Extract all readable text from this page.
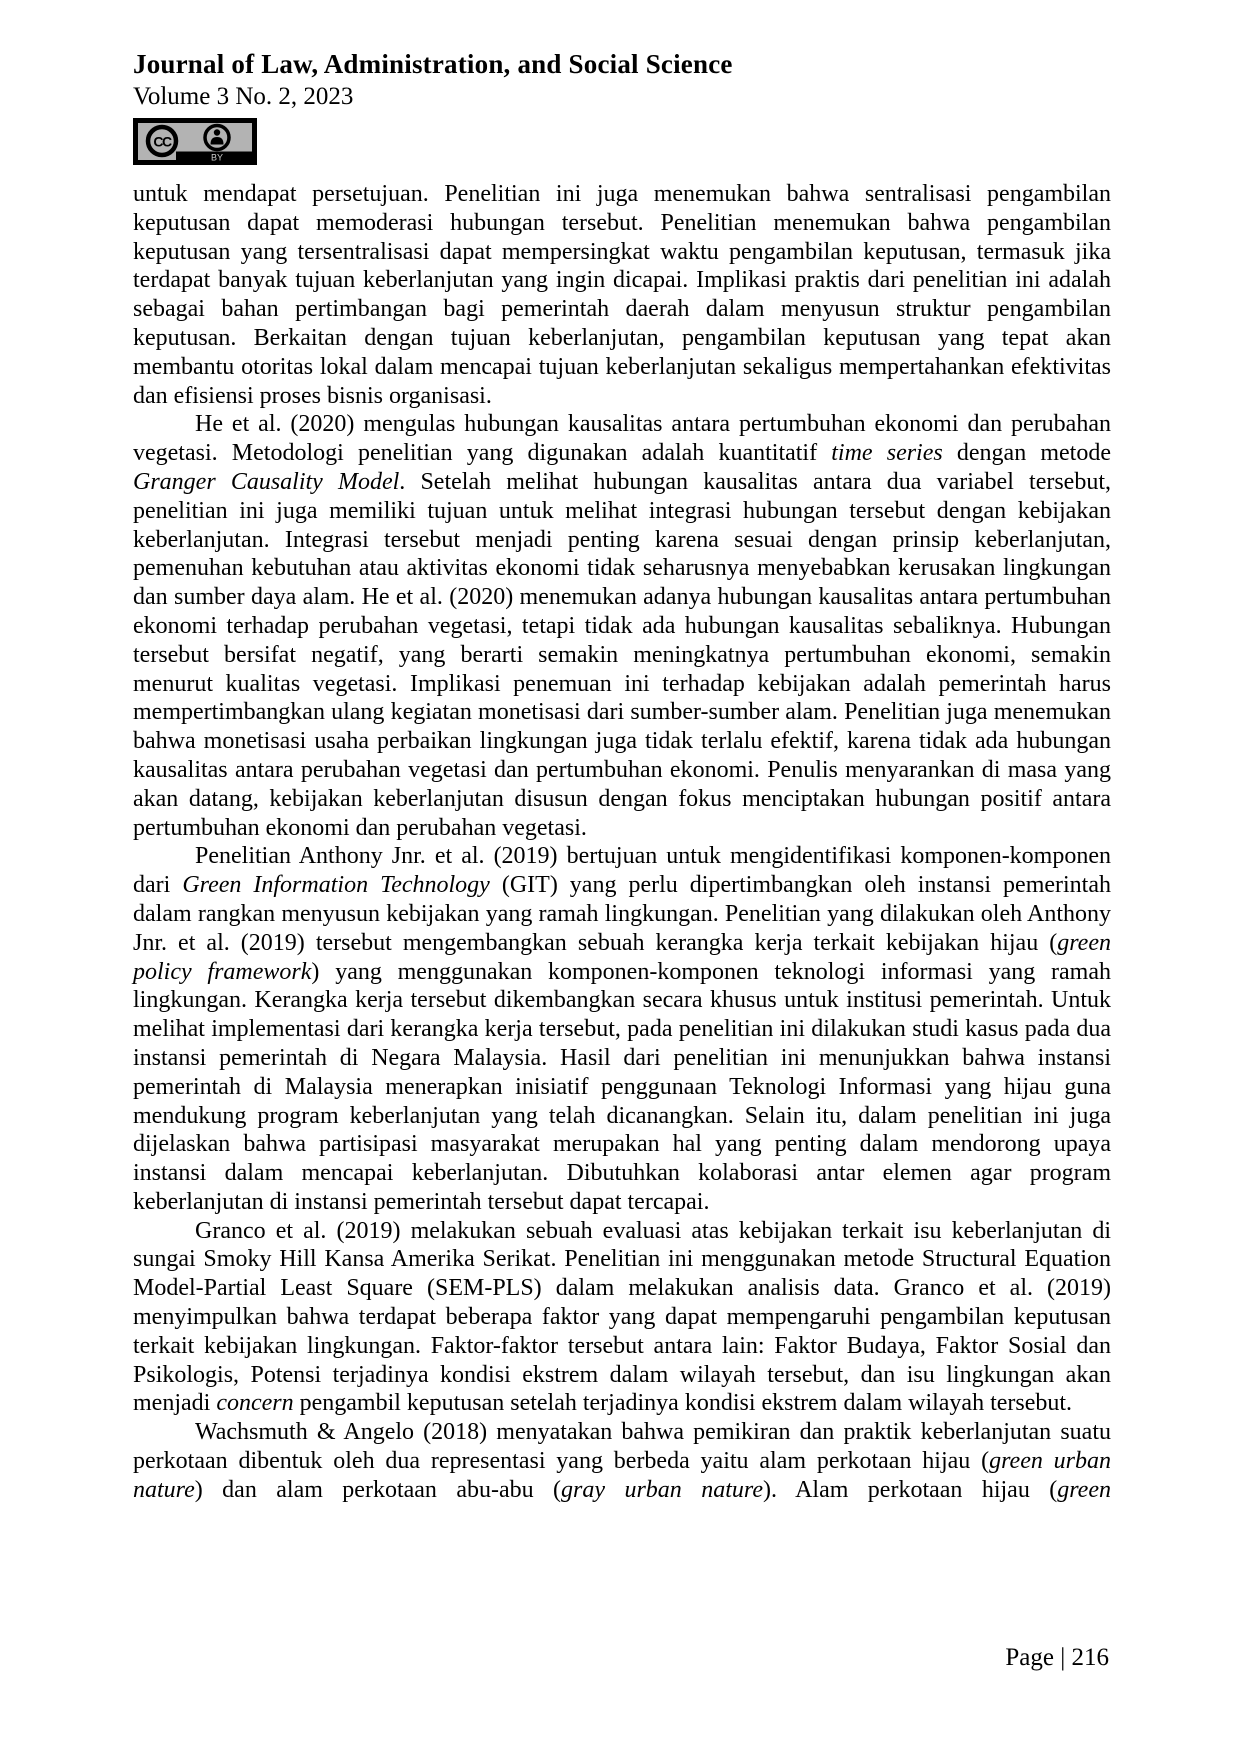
Journal of Law, Administration, and Social Science
Volume 3 No. 2, 2023
CC
BY

untuk mendapat persetujuan. Penelitian ini juga menemukan bahwa sentralisasi pengambilan keputusan dapat memoderasi hubungan tersebut. Penelitian menemukan bahwa pengambilan keputusan yang tersentralisasi dapat mempersingkat waktu pengambilan keputusan, termasuk jika terdapat banyak tujuan keberlanjutan yang ingin dicapai. Implikasi praktis dari penelitian ini adalah sebagai bahan pertimbangan bagi pemerintah daerah dalam menyusun struktur pengambilan keputusan. Berkaitan dengan tujuan keberlanjutan, pengambilan keputusan yang tepat akan membantu otoritas lokal dalam mencapai tujuan keberlanjutan sekaligus mempertahankan efektivitas dan efisiensi proses bisnis organisasi.

He et al. (2020) mengulas hubungan kausalitas antara pertumbuhan ekonomi dan perubahan vegetasi. Metodologi penelitian yang digunakan adalah kuantitatif time series dengan metode Granger Causality Model. Setelah melihat hubungan kausalitas antara dua variabel tersebut, penelitian ini juga memiliki tujuan untuk melihat integrasi hubungan tersebut dengan kebijakan keberlanjutan. Integrasi tersebut menjadi penting karena sesuai dengan prinsip keberlanjutan, pemenuhan kebutuhan atau aktivitas ekonomi tidak seharusnya menyebabkan kerusakan lingkungan dan sumber daya alam. He et al. (2020) menemukan adanya hubungan kausalitas antara pertumbuhan ekonomi terhadap perubahan vegetasi, tetapi tidak ada hubungan kausalitas sebaliknya. Hubungan tersebut bersifat negatif, yang berarti semakin meningkatnya pertumbuhan ekonomi, semakin menurut kualitas vegetasi. Implikasi penemuan ini terhadap kebijakan adalah pemerintah harus mempertimbangkan ulang kegiatan monetisasi dari sumber-sumber alam. Penelitian juga menemukan bahwa monetisasi usaha perbaikan lingkungan juga tidak terlalu efektif, karena tidak ada hubungan kausalitas antara perubahan vegetasi dan pertumbuhan ekonomi. Penulis menyarankan di masa yang akan datang, kebijakan keberlanjutan disusun dengan fokus menciptakan hubungan positif antara pertumbuhan ekonomi dan perubahan vegetasi.

Penelitian Anthony Jnr. et al. (2019) bertujuan untuk mengidentifikasi komponen-komponen dari Green Information Technology (GIT) yang perlu dipertimbangkan oleh instansi pemerintah dalam rangkan menyusun kebijakan yang ramah lingkungan. Penelitian yang dilakukan oleh Anthony Jnr. et al. (2019) tersebut mengembangkan sebuah kerangka kerja terkait kebijakan hijau (green policy framework) yang menggunakan komponen-komponen teknologi informasi yang ramah lingkungan. Kerangka kerja tersebut dikembangkan secara khusus untuk institusi pemerintah. Untuk melihat implementasi dari kerangka kerja tersebut, pada penelitian ini dilakukan studi kasus pada dua instansi pemerintah di Negara Malaysia. Hasil dari penelitian ini menunjukkan bahwa instansi pemerintah di Malaysia menerapkan inisiatif penggunaan Teknologi Informasi yang hijau guna mendukung program keberlanjutan yang telah dicanangkan. Selain itu, dalam penelitian ini juga dijelaskan bahwa partisipasi masyarakat merupakan hal yang penting dalam mendorong upaya instansi dalam mencapai keberlanjutan. Dibutuhkan kolaborasi antar elemen agar program keberlanjutan di instansi pemerintah tersebut dapat tercapai.

Granco et al. (2019) melakukan sebuah evaluasi atas kebijakan terkait isu keberlanjutan di sungai Smoky Hill Kansa Amerika Serikat. Penelitian ini menggunakan metode Structural Equation Model-Partial Least Square (SEM-PLS) dalam melakukan analisis data. Granco et al. (2019) menyimpulkan bahwa terdapat beberapa faktor yang dapat mempengaruhi pengambilan keputusan terkait kebijakan lingkungan. Faktor-faktor tersebut antara lain: Faktor Budaya, Faktor Sosial dan Psikologis, Potensi terjadinya kondisi ekstrem dalam wilayah tersebut, dan isu lingkungan akan menjadi concern pengambil keputusan setelah terjadinya kondisi ekstrem dalam wilayah tersebut.

Wachsmuth & Angelo (2018) menyatakan bahwa pemikiran dan praktik keberlanjutan suatu perkotaan dibentuk oleh dua representasi yang berbeda yaitu alam perkotaan hijau (green urban nature) dan alam perkotaan abu-abu (gray urban nature). Alam perkotaan hijau (green

Page | 216
